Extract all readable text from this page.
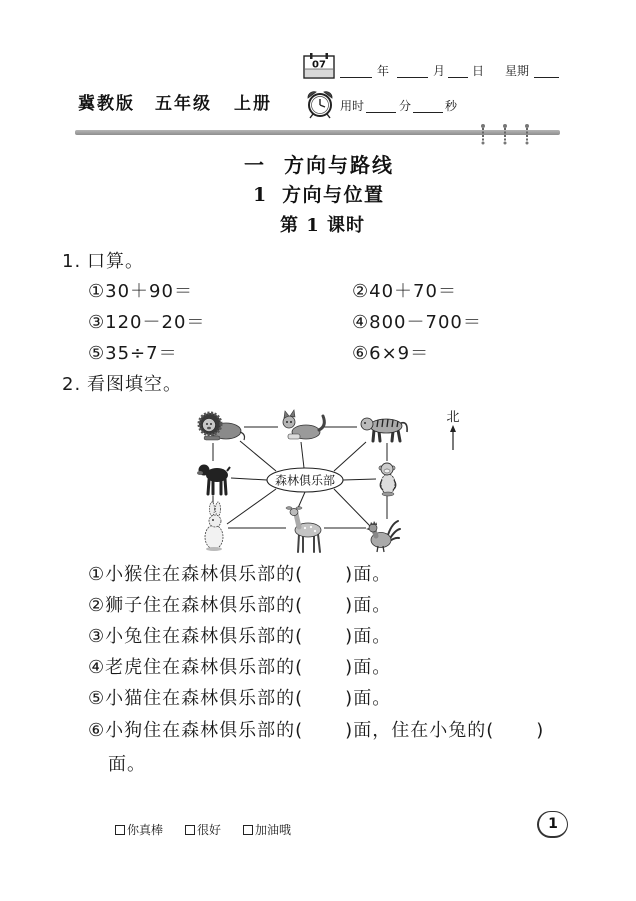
07	年	月 日 星期
冀教版 五年级 上册	用时	分	秒
一 方向与路线
1 方向与位置
第 1 课时
1. 口算。
①30＋90＝	②40＋70＝
③120－20＝	④800－700＝
⑤35÷7＝	⑥6×9＝
2. 看图填空。
森林俱乐部
北
①小猴住在森林俱乐部的( )面。
②狮子住在森林俱乐部的( )面。
③小兔住在森林俱乐部的( )面。
④老虎住在森林俱乐部的( )面。
⑤小猫住在森林俱乐部的( )面。
⑥小狗住在森林俱乐部的( )面，住在小兔的( )
面。
你真棒	很好	加油哦	1
